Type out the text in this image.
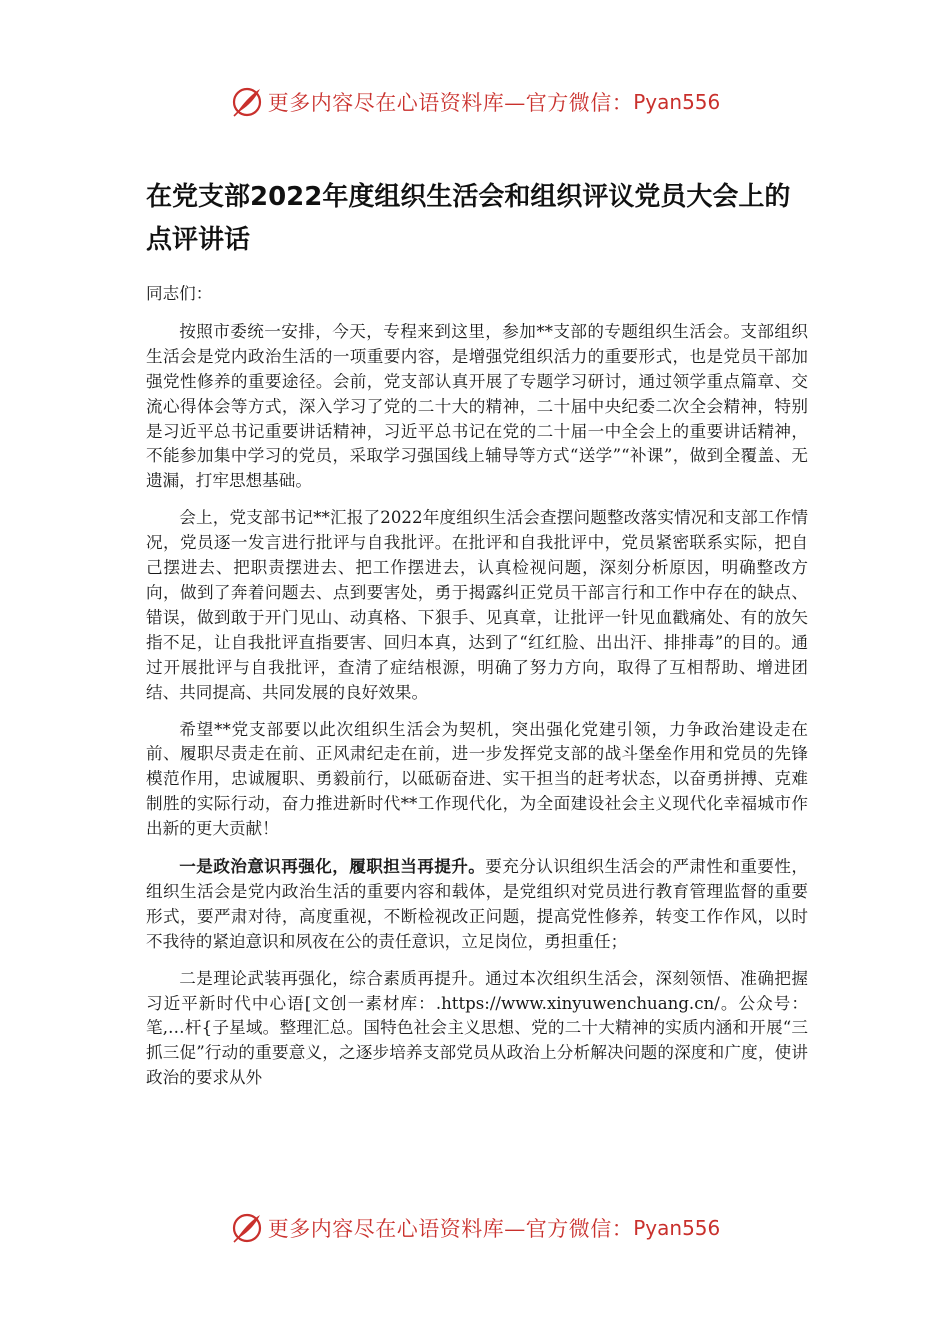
更多内容尽在心语资料库—官方微信： Pyan556
在党支部2022年度组织生活会和组织评议党员大会上的点评讲话

同志们：

按照市委统一安排，今天，专程来到这里，参加**支部的专题组织生活会。支部组织生活会是党内政治生活的一项重要内容，是增强党组织活力的重要形式，也是党员干部加强党性修养的重要途径。会前，党支部认真开展了专题学习研讨，通过领学重点篇章、交流心得体会等方式，深入学习了党的二十大的精神，二十届中央纪委二次全会精神，特别是习近平总书记重要讲话精神，习近平总书记在党的二十届一中全会上的重要讲话精神，不能参加集中学习的党员，采取学习强国线上辅导等方式“送学”“补课”，做到全覆盖、无遗漏，打牢思想基础。

会上，党支部书记**汇报了2022年度组织生活会查摆问题整改落实情况和支部工作情况，党员逐一发言进行批评与自我批评。在批评和自我批评中，党员紧密联系实际，把自己摆进去、把职责摆进去、把工作摆进去，认真检视问题，深刻分析原因，明确整改方向，做到了奔着问题去、点到要害处，勇于揭露纠正党员干部言行和工作中存在的缺点、错误，做到敢于开门见山、动真格、下狠手、见真章，让批评一针见血戳痛处、有的放矢指不足，让自我批评直指要害、回归本真，达到了“红红脸、出出汗、排排毒”的目的。通过开展批评与自我批评，查清了症结根源，明确了努力方向，取得了互相帮助、增进团结、共同提高、共同发展的良好效果。

希望**党支部要以此次组织生活会为契机，突出强化党建引领，力争政治建设走在前、履职尽责走在前、正风肃纪走在前，进一步发挥党支部的战斗堡垒作用和党员的先锋模范作用，忠诚履职、勇毅前行，以砥砺奋进、实干担当的赶考状态，以奋勇拼搏、克难制胜的实际行动，奋力推进新时代**工作现代化，为全面建设社会主义现代化幸福城市作出新的更大贡献！

一是政治意识再强化，履职担当再提升。要充分认识组织生活会的严肃性和重要性，组织生活会是党内政治生活的重要内容和载体，是党组织对党员进行教育管理监督的重要形式，要严肃对待，高度重视，不断检视改正问题，提高党性修养，转变工作作风，以时不我待的紧迫意识和夙夜在公的责任意识，立足岗位，勇担重任；

二是理论武装再强化，综合素质再提升。通过本次组织生活会，深刻领悟、准确把握习近平新时代中心语[文创一素材库：.https://www.xinyuwenchuang.cn/。公众号：笔,…杆{子星域。整理汇总。国特色社会主义思想、党的二十大精神的实质内涵和开展“三抓三促”行动的重要意义，之逐步培养支部党员从政治上分析解决问题的深度和广度，使讲政治的要求从外

更多内容尽在心语资料库—官方微信： Pyan556
